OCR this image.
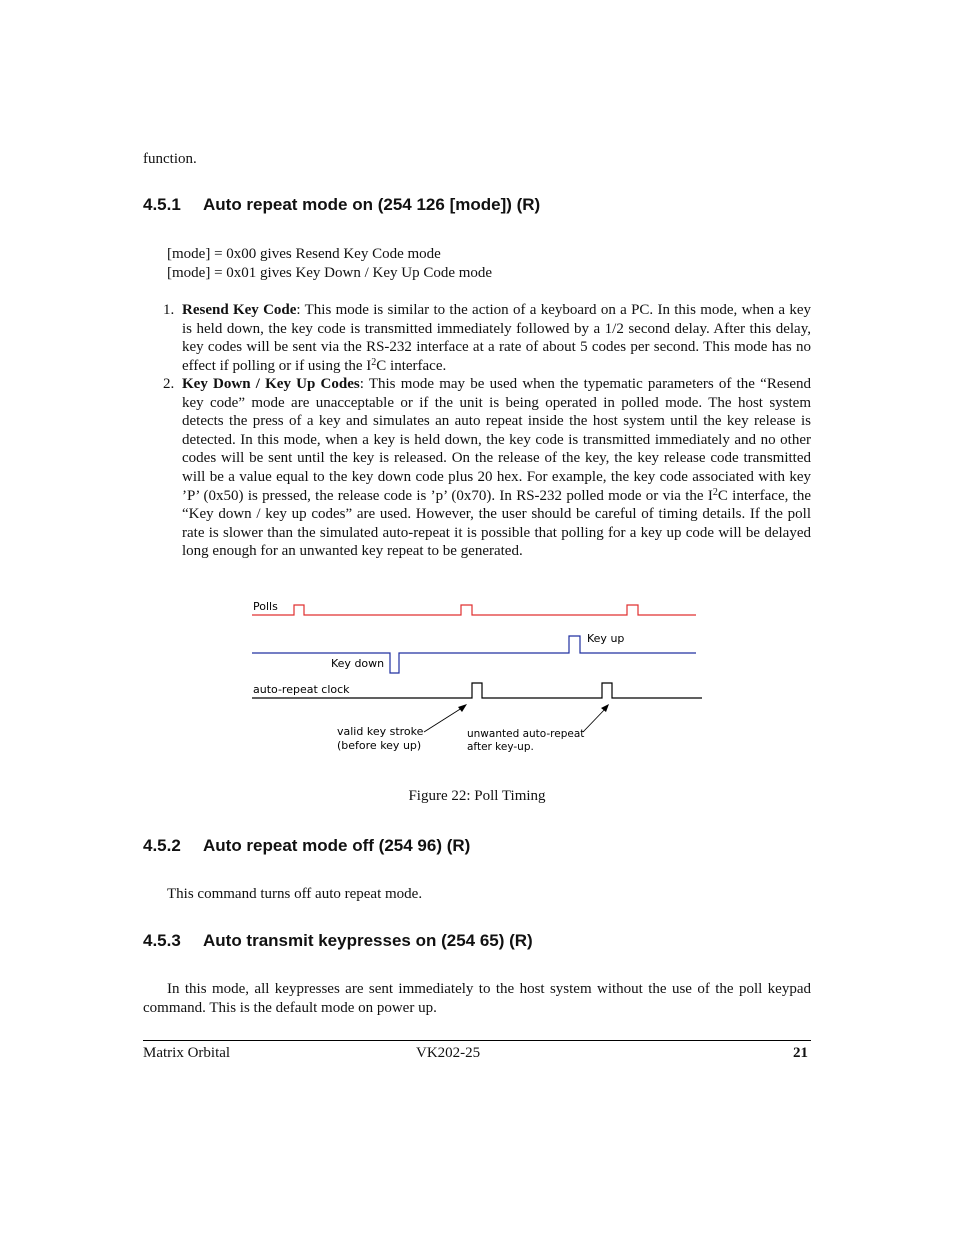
function.
4.5.1 Auto repeat mode on (254 126 [mode]) (R)
[mode] = 0x00 gives Resend Key Code mode
[mode] = 0x01 gives Key Down / Key Up Code mode
1. Resend Key Code: This mode is similar to the action of a keyboard on a PC. In this mode, when a key is held down, the key code is transmitted immediately followed by a 1/2 second delay. After this delay, key codes will be sent via the RS-232 interface at a rate of about 5 codes per second. This mode has no effect if polling or if using the $I^2C$ interface.
2. Key Down / Key Up Codes: This mode may be used when the typematic parameters of the “Resend key code” mode are unacceptable or if the unit is being operated in polled mode. The host system detects the press of a key and simulates an auto repeat inside the host system until the key release is detected. In this mode, when a key is held down, the key code is transmitted immediately and no other codes will be sent until the key is released. On the release of the key, the key release code transmitted will be a value equal to the key down code plus 20 hex. For example, the key code associated with key ’P’ (0x50) is pressed, the release code is ’p’ (0x70). In RS-232 polled mode or via the $I^2C$ interface, the “Key down / key up codes” are used. However, the user should be careful of timing details. If the poll rate is slower than the simulated auto-repeat it is possible that polling for a key up code will be delayed long enough for an unwanted key repeat to be generated.
Figure 22: Poll Timing
4.5.2 Auto repeat mode off (254 96) (R)
This command turns off auto repeat mode.
4.5.3 Auto transmit keypresses on (254 65) (R)
In this mode, all keypresses are sent immediately to the host system without the use of the poll keypad command. This is the default mode on power up.
Polls
Key up
Key down
auto-repeat clock
valid key stroke
(before key up)
unwanted auto-repeat
after key-up.
Matrix Orbital	VK202-25	21
